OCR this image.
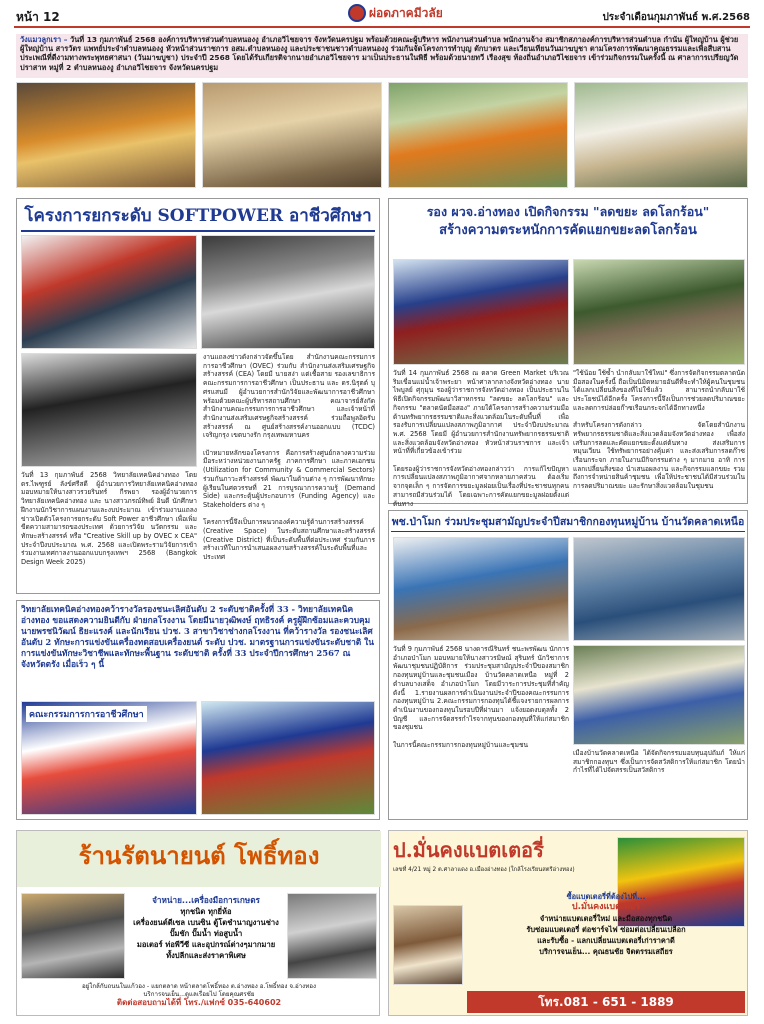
หน้า 12	ผ่อดภาคมีวลัย	ประจำเดือนกุมภาพันธ์ พ.ศ.2568
วังแมวลูกเรา – วันที่ 13 กุมภาพันธ์ 2568 องค์การบริหารส่วนตำบลหนองงู อำเภอวิไชยจาร จังหวัดนครปฐม พร้อมด้วยคณะผู้บริหาร พนักงานส่วนตำบล พนักงานจ้าง สมาชิกสภาองค์การบริหารส่วนตำบล กำนัน ผู้ใหญ่บ้าน ผู้ช่วยผู้ใหญ่บ้าน สารวัตร แพทย์ประจำตำบลหนองงู หัวหน้าส่วนราชการ อสม.ตำบลหนองงู และประชาชนชาวตำบลหนองงู ร่วมกันจัดโครงการทำบุญ ตักบาตร และเวียนเทียนวันมาฆบูชา ตามโครงการพัฒนาคุณธรรมและเพื่อสืบสานประเพณีที่ดีงามทางพระพุทธศาสนา (วันมาฆบูชา) ประจำปี 2568 โดยได้รับเกียรติจากนายอำเภอวิไชยจาร มาเป็นประธานในพิธี พร้อมด้วยนายทวี เรืองสุข ท้องถิ่นอำเภอวิไชยจาร เข้าร่วมกิจกรรมในครั้งนี้ ณ ศาลาการเปรียญวัดปราสาท หมู่ที่ 2 ตำบลหนองงู อำเภอวิไชยจาร จังหวัดนครปฐม
โครงการยกระดับ SOFTPOWER อาชีวศึกษา
วันที่ 13 กุมภาพันธ์ 2568 วิทยาลัยเทคนิคอ่างทอง โดย ดร.ไพฑูรย์ ลังข์ศรีสดี ผู้อำนวยการวิทยาลัยเทคนิคอ่างทอง มอบหมายให้นางสาวรวยรินทร์ กีรพยา รองผู้อำนวยการวิทยาลัยเทคนิคอ่างทอง และ นางสาวภรณ์ทิพย์ อินดี นักศึกษาฝึกงานนักวิชาการแผนงานและงบประมาณ เข้าร่วมงานแถลงข่าวเปิดตัวโครงการยกระดับ Soft Power อาชีวศึกษา เพื่อเพิ่มขีดความสามารถของประเทศ ด้วยการวิจัย นวัตกรรม และทักษะสร้างสรรค์ หรือ "Creative Skill up by OVEC x CEA" ประจำปีงบประมาณ พ.ศ. 2568 และเปิดพระรามวิจัยการเข้าร่วมงานเทศกาลงานออกแบบกรุงเทพฯ 2568 (Bangkok Design Week 2025)
งานแถลงข่าวดังกล่าวจัดขึ้นโดย สำนักงานคณะกรรมการการอาชีวศึกษา (OVEC) ร่วมกับ สำนักงานส่งเสริมเศรษฐกิจสร้างสรรค์ (CEA) โดยมี นายสง่า แต่เชื้อสาย รองเลขาธิการคณะกรรมการการอาชีวศึกษา เป็นประธาน และ ดร.นิรุตต์ บุศรแสนมี ผู้อำนวยการสำนักวิจัยและพัฒนาการอาชีวศึกษา พร้อมด้วยคณะผู้บริหารสถานศึกษา คณาจารย์สังกัดสำนักงานคณะกรรมการการอาชีวศึกษา และเจ้าหน้าที่สำนักงานส่งเสริมเศรษฐกิจสร้างสรรค์ ร่วมถือพูลอิดรับสร้างสรรค์ ณ ศูนย์สร้างสรรค์งานออกแบบ (TCDC) เจริญกรุง เขตบางรัก กรุงเทพมหานคร

เป้าหมายหลักของโครงการ คือการสร้างศูนย์กลางความร่วมมือระหว่างหน่วยงานภาครัฐ ภาคการศึกษา และภาคเอกชน (Utilization for Community & Commercial Sectors) ร่วมกันภาวะสร้างสรรค์ พัฒนาในด้านต่าง ๆ การพัฒนาทักษะผู้เรียนในศตวรรษที่ 21 การบูรณาการความรู้ (Demand Side) และกระตุ้นผู้ประกอบการ (Funding Agency) และ Stakeholders ต่าง ๆ

โครงการนี้จึงเป็นการผนวกองค์ความรู้ด้านการสร้างสรรค์ (Creative Space) ในระดับสถานศึกษาและสร้างสรรค์ (Creative District) ที่เป็นระดับพื้นที่ต่อประเทศ ร่วมกันการสร้างเวทีในการนำเสนอผลงานสร้างสรรค์ในระดับพื้นที่และประเทศ
รอง ผวจ.อ่างทอง เปิดกิจกรรม "ลดขยะ ลดโลกร้อน"
สร้างความตระหนักการคัดแยกขยะลดโลกร้อน
วันที่ 14 กุมภาพันธ์ 2568 ณ ตลาด Green Market บริเวณริมเขื่อนแม่น้ำเจ้าพระยา หน้าศาลากลางจังหวัดอ่างทอง นายไพบูลย์ ศุกุมุน รองผู้ว่าราชการจังหวัดอ่างทอง เป็นประธานในพิธีเปิดกิจกรรมพัฒนาวิสาหกรรม "ลดขยะ ลดโลกร้อน" และกิจกรรม "ตลาดนัดมือสอง" ภายใต้โครงการสร้างความร่วมมือด้านทรัพยากรธรรมชาติและสิ่งแวดล้อมในระดับพื้นที่ เพื่อรองรับการเปลี่ยนแปลงสภาพภูมิอากาศ ประจำปีงบประมาณ พ.ศ. 2568 โดยมี ผู้อำนวยการสำนักงานทรัพยากรธรรมชาติและสิ่งแวดล้อมจังหวัดอ่างทอง หัวหน้าส่วนราชการ และเจ้าหน้าที่ที่เกี่ยวข้องเข้าร่วม

โดยรองผู้ว่าราชการจังหวัดอ่างทองกล่าวว่า การแก้ไขปัญหาการเปลี่ยนแปลงสภาพภูมิอากาศจากหลายภาคส่วน ต้องเริ่มจากจุดเล็ก ๆ การจัดการขยะมูลฝอยเป็นเรื่องที่ประชาชนทุกคนสามารถมีส่วนร่วมได้ โดยเฉพาะการคัดแยกขยะมูลฝอยตั้งแต่ต้นทาง
"ใช้น้อย ใช้ซ้ำ นำกลับมาใช้ใหม่" ซึ่งการจัดกิจกรรมตลาดนัดมือสองในครั้งนี้ ถือเป็นนิมิตหมายอันดีที่จะทำให้ผู้คนในชุมชนได้แลกเปลี่ยนสิ่งของที่ไม่ใช้แล้ว สามารถนำกลับมาใช้ประโยชน์ได้อีกครั้ง โครงการนี้จึงเป็นการช่วยลดปริมาณขยะ และลดการปล่อยก๊าซเรือนกระจกได้อีกทางหนึ่ง

สำหรับโครงการดังกล่าว จัดโดยสำนักงานทรัพยากรธรรมชาติและสิ่งแวดล้อมจังหวัดอ่างทอง เพื่อส่งเสริมการลดและคัดแยกขยะตั้งแต่ต้นทาง ส่งเสริมการหมุนเวียน ใช้ทรัพยากรอย่างคุ้มค่า และส่งเสริมการลดก๊าซเรือนกระจก ภายในงานมีกิจกรรมต่าง ๆ มากมาย อาทิ การแลกเปลี่ยนสิ่งของ นำเสนอผลงาน และกิจกรรมแลกขยะ รวมถึงการจำหน่ายสินค้าชุมชน เพื่อให้ประชาชนได้มีส่วนร่วมในการลดปริมาณขยะ และรักษาสิ่งแวดล้อมในชุมชน
พช.ป่าโมก ร่วมประชุมสามัญประจำปีสมาชิกกองทุนหมู่บ้าน บ้านวัดคลาดเหนือ
วันที่ 9 กุมภาพันธ์ 2568 นางดารณีรินทร์ ชนะพรพัฒน นักการอำเภอป่าโมก มอบหมายให้นางสาวรมิษณ์ สุรินทร์ นักวิชาการพัฒนาชุมชนปฏิบัติการ ร่วมประชุมสามัญประจำปีของสมาชิกกองทุนหมู่บ้านและชุมชนเมือง บ้านวัดคลาดเหนือ หมู่ที่ 2 ตำบลบางเสด็จ อำเภอป่าโมก โดยมีวาระการประชุมที่สำคัญดังนี้ 1.รายงานผลการดำเนินงานประจำปีของคณะกรรมการกองทุนหมู่บ้าน 2.คณะกรรมการกองทุนได้ชี้แจงรายการผลการดำเนินงานของกองทุนในรอบปีที่ผ่านมา แจ้งยอดงบดุลทั้ง 2 บัญชี และการจัดสรรกำไรจากทุนของกองทุนที่ให้แก่สมาชิกของชุมชน

ในการนี้คณะกรรมการกองทุนหมู่บ้านและชุมชน
เมืองบ้านวัดคลาดเหนือ ได้จัดกิจกรรมมอบทุนอุปถัมภ์ ให้แก่สมาชิกกองทุนฯ ซึ่งเป็นการจัดสวัสดิการให้แก่สมาชิก โดยนำกำไรที่ได้ไปจัดสรรเป็นสวัสดิการ
วิทยาลัยเทคนิคอ่างทองคว้ารางวัลรองชนะเลิศอันดับ 2 ระดับชาติครั้งที่ 33 - วิทยาลัยเทคนิคอ่างทอง ขอแสดงความยินดีกับ ฝ่ายกลโรงงาน โดยมีนายวุฒิพงษ์ ฤทธิรงค์ ครูผู้ฝึกซ้อมและควบคุม นายพรชนิวัฒน์ ธิยะแรงค์ และนักเรียน ปวช. 3 สาขาวิชาช่างกลโรงงาน ที่คว้ารางวัล รองชนะเลิศอันดับ 2 ทักษะการแข่งขันเครื่องทดสอบเครื่องยนต์ ระดับ ปวช. มาตรฐานการแข่งขันระดับชาติ ในการแข่งขันทักษะวิชาชีพและทักษะพื้นฐาน ระดับชาติ ครั้งที่ 33 ประจำปีการศึกษา 2567 ณ จังหวัดตรัง เมื่อเร็ว ๆ นี้
คณะกรรมการการอาชีวศึกษา
ร้านรัตนายนต์ โพธิ์ทอง
จำหน่าย...เครื่องมือการเกษตร
ทุกชนิด ทุกยี่ห้อ
เครื่องยนต์ดีเซล เบนซิน ตู้โตชำนาญงานช่าง
ปั๊มชัก ปั๊มน้ำ ท่อสูบน้ำ
มอเตอร์ ท่อพีวีซี และอุปกรณ์ต่างๆมากมาย
ทั้งปลีกและส่งราคาพิเศษ
อยู่ใกล้กับถนนในแก้วอง - แยกตลาด หน้าตลาดโพธิ์ทอง ต.อ่างทอง อ.โพธิ์ทอง จ.อ่างทอง
บริการจนเย็น...ดูแลเรื่อยไป โดยคุณศรชัย
ติดต่อสอบถามได้ที่ โทร./แฟกซ์ 035-640602
ป.มั่นคงแบตเตอรี่
เลขที่ 4/21 หมู่ 2 ต.ศาลาแดง อ.เมืองอ่างทอง (ใกล้โรงเรียนสตรีอ่างทอง)
ซื้อแบตเตอรี่ที่ต้องไปที่...
ป.มั่นคงแบตเตอรี่
จำหน่ายแบตเตอรี่ใหม่ และมือสองทุกชนิด
รับซ่อมแบตเตอรี่ ต่อชาร์จไฟ ซ่อมต่อเปลี่ยนเปลือก
และรับซื้อ - แลกเปลี่ยนแบตเตอรี่เก่าราคาดี
บริการจนเย็น... คุณธนชัย จิตตรรมเสถียร
โทร.081 - 651 - 1889
